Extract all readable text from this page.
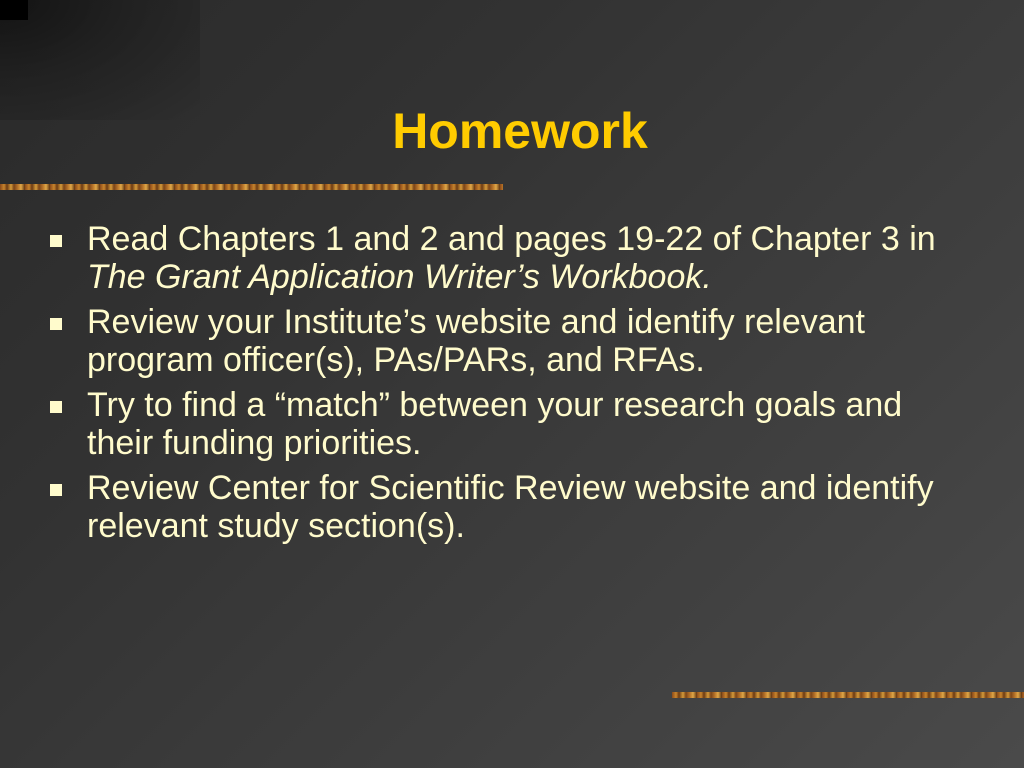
Homework
Read Chapters 1 and 2 and pages 19-22 of Chapter 3 in The Grant Application Writer’s Workbook.
Review your Institute’s website and identify relevant program officer(s), PAs/PARs, and RFAs.
Try to find a “match” between your research goals and their funding priorities.
Review Center for Scientific Review website and identify relevant study section(s).
